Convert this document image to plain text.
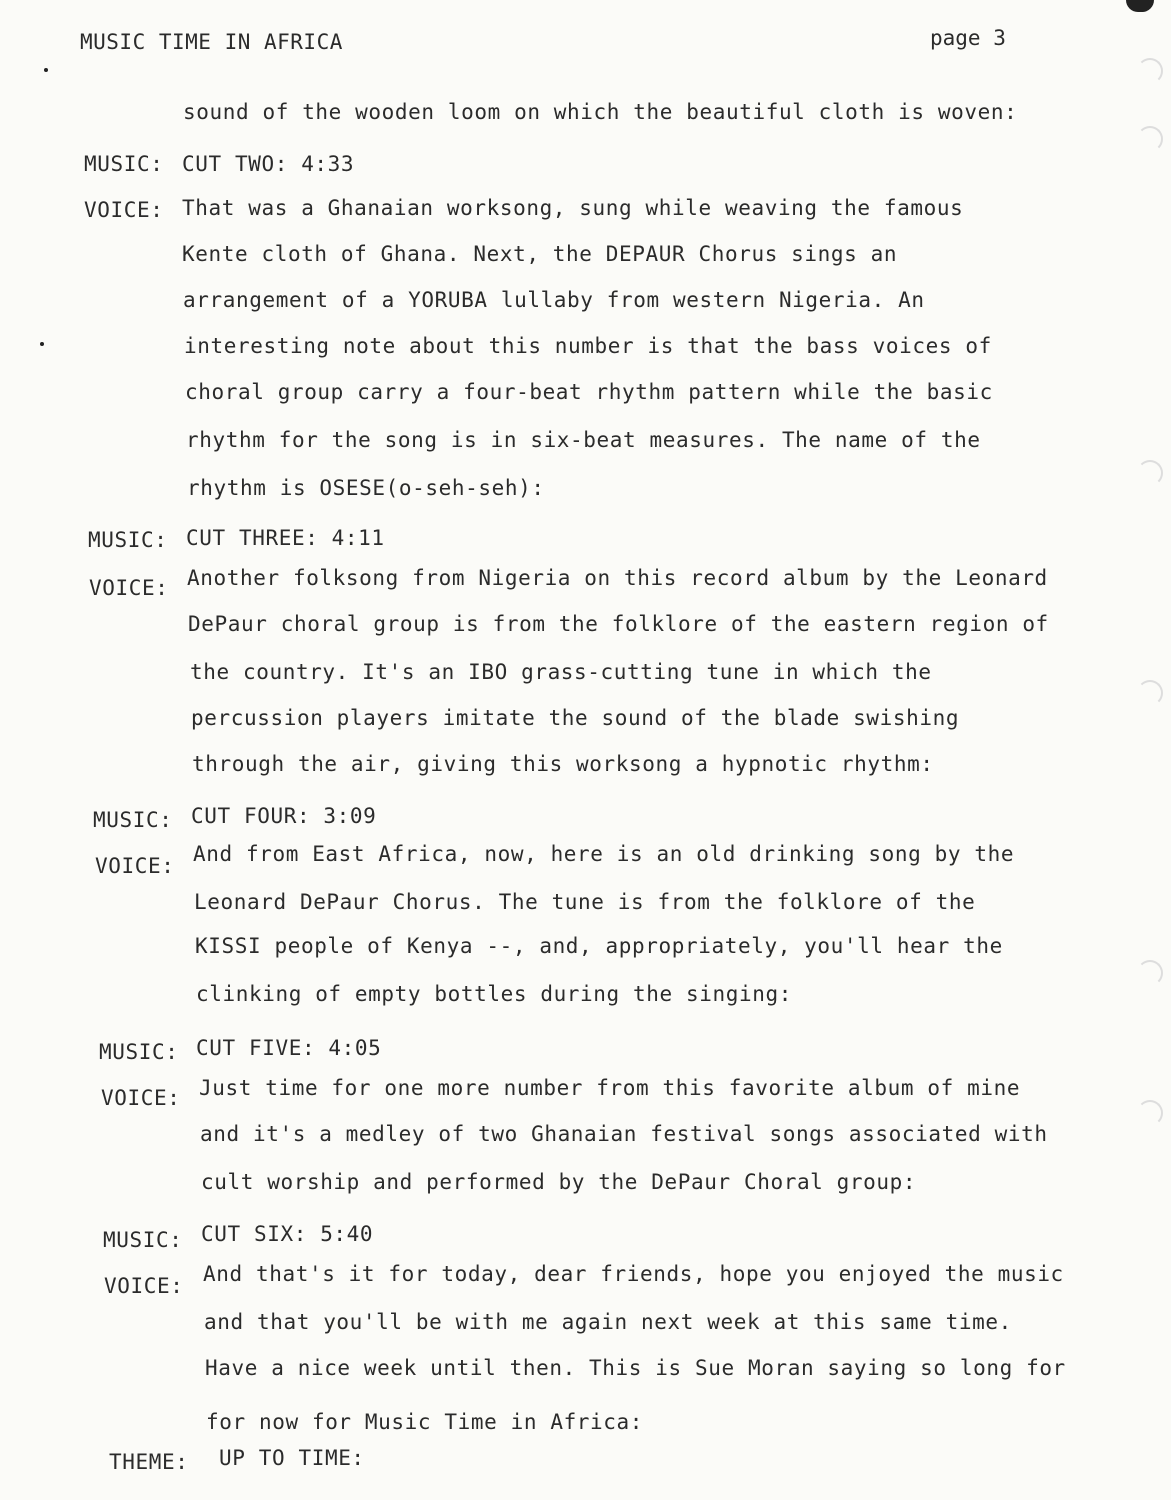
MUSIC TIME IN AFRICA	page 3
sound of the wooden loom on which the beautiful cloth is woven:
MUSIC: CUT TWO: 4:33
VOICE: That was a Ghanaian worksong, sung while weaving the famous
Kente cloth of Ghana. Next, the DEPAUR Chorus sings an
arrangement of a YORUBA lullaby from western Nigeria. An
interesting note about this number is that the bass voices of
choral group carry a four-beat rhythm pattern while the basic
rhythm for the song is in six-beat measures. The name of the
rhythm is OSESE(o-seh-seh):
MUSIC: CUT THREE: 4:11
VOICE: Another folksong from Nigeria on this record album by the Leonard
DePaur choral group is from the folklore of the eastern region of
the country. It's an IBO grass-cutting tune in which the
percussion players imitate the sound of the blade swishing
through the air, giving this worksong a hypnotic rhythm:
MUSIC: CUT FOUR: 3:09
VOICE: And from East Africa, now, here is an old drinking song by the
Leonard DePaur Chorus. The tune is from the folklore of the
KISSI people of Kenya --, and, appropriately, you'll hear the
clinking of empty bottles during the singing:
MUSIC: CUT FIVE: 4:05
VOICE: Just time for one more number from this favorite album of mine
and it's a medley of two Ghanaian festival songs associated with
cult worship and performed by the DePaur Choral group:
MUSIC: CUT SIX: 5:40
VOICE: And that's it for today, dear friends, hope you enjoyed the music
and that you'll be with me again next week at this same time.
Have a nice week until then. This is Sue Moran saying so long for
for now for Music Time in Africa:
THEME: UP TO TIME:
